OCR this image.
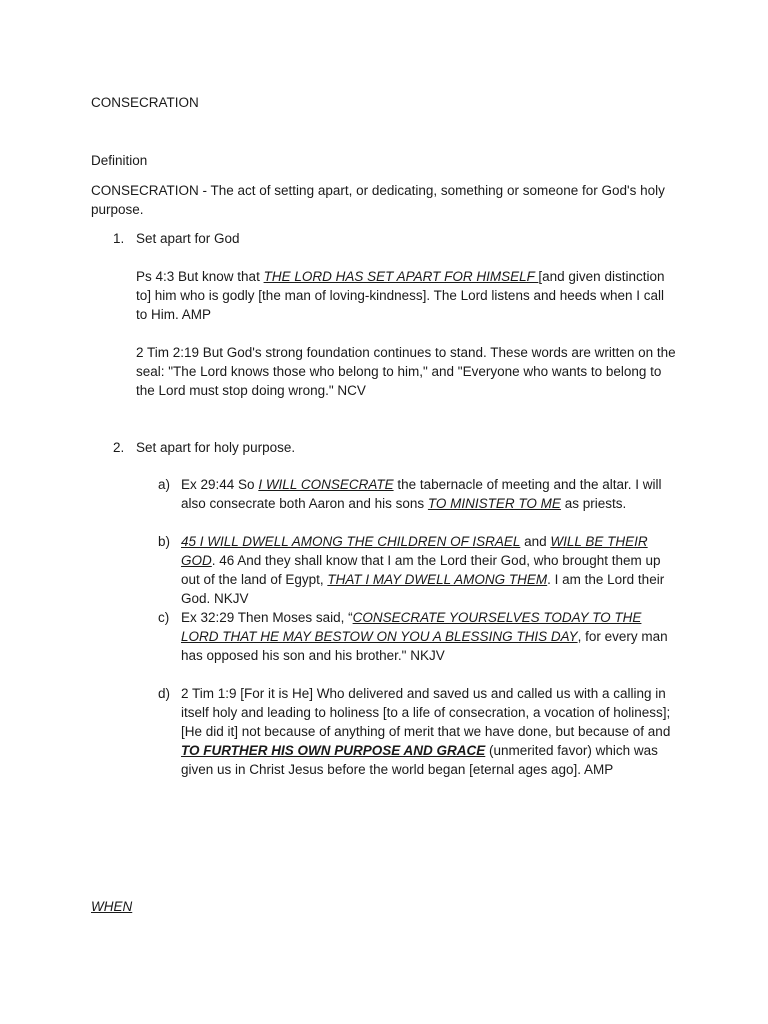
CONSECRATION
Definition
CONSECRATION - The act of setting apart, or dedicating, something or someone for God's holy purpose.
1. Set apart for God
Ps 4:3 But know that THE LORD HAS SET APART FOR HIMSELF [and given distinction to] him who is godly [the man of loving-kindness]. The Lord listens and heeds when I call to Him. AMP
2 Tim 2:19 But God's strong foundation continues to stand. These words are written on the seal: "The Lord knows those who belong to him," and "Everyone who wants to belong to the Lord must stop doing wrong." NCV
2. Set apart for holy purpose.
a) Ex 29:44 So I WILL CONSECRATE the tabernacle of meeting and the altar. I will also consecrate both Aaron and his sons TO MINISTER TO ME as priests.
b) 45 I WILL DWELL AMONG THE CHILDREN OF ISRAEL and WILL BE THEIR GOD. 46 And they shall know that I am the Lord their God, who brought them up out of the land of Egypt, THAT I MAY DWELL AMONG THEM. I am the Lord their God. NKJV
c) Ex 32:29 Then Moses said, “CONSECRATE YOURSELVES TODAY TO THE LORD THAT HE MAY BESTOW ON YOU A BLESSING THIS DAY, for every man has opposed his son and his brother." NKJV
d) 2 Tim 1:9 [For it is He] Who delivered and saved us and called us with a calling in itself holy and leading to holiness [to a life of consecration, a vocation of holiness]; [He did it] not because of anything of merit that we have done, but because of and TO FURTHER HIS OWN PURPOSE AND GRACE (unmerited favor) which was given us in Christ Jesus before the world began [eternal ages ago]. AMP
WHEN
